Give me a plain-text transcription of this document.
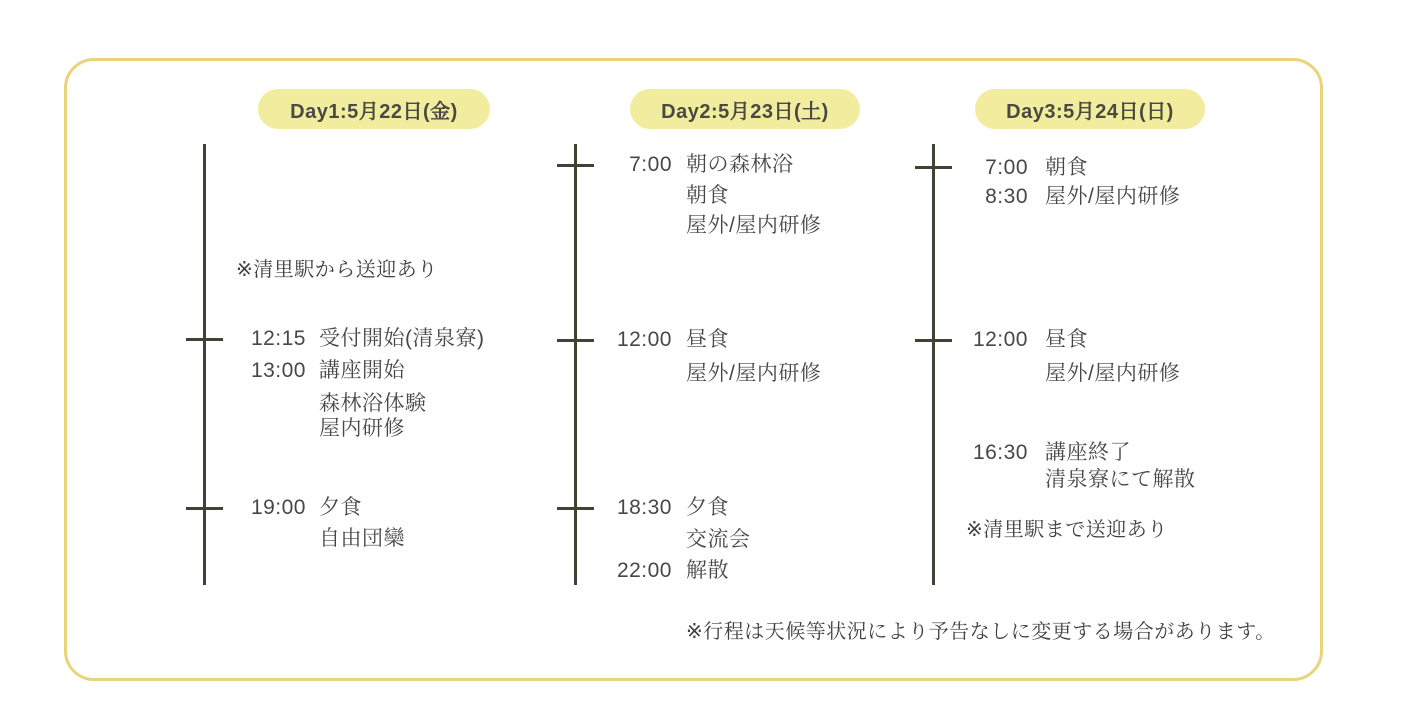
Day1:5月22日(金)
※清里駅から送迎あり
12:15 受付開始(清泉寮)
13:00 講座開始
森林浴体験
屋内研修
19:00 夕食
自由団欒
Day2:5月23日(土)
7:00 朝の森林浴
朝食
屋外/屋内研修
12:00 昼食
屋外/屋内研修
18:30 夕食
交流会
22:00 解散
Day3:5月24日(日)
7:00 朝食
8:30 屋外/屋内研修
12:00 昼食
屋外/屋内研修
16:30 講座終了
清泉寮にて解散
※清里駅まで送迎あり
※行程は天候等状況により予告なしに変更する場合があります。
